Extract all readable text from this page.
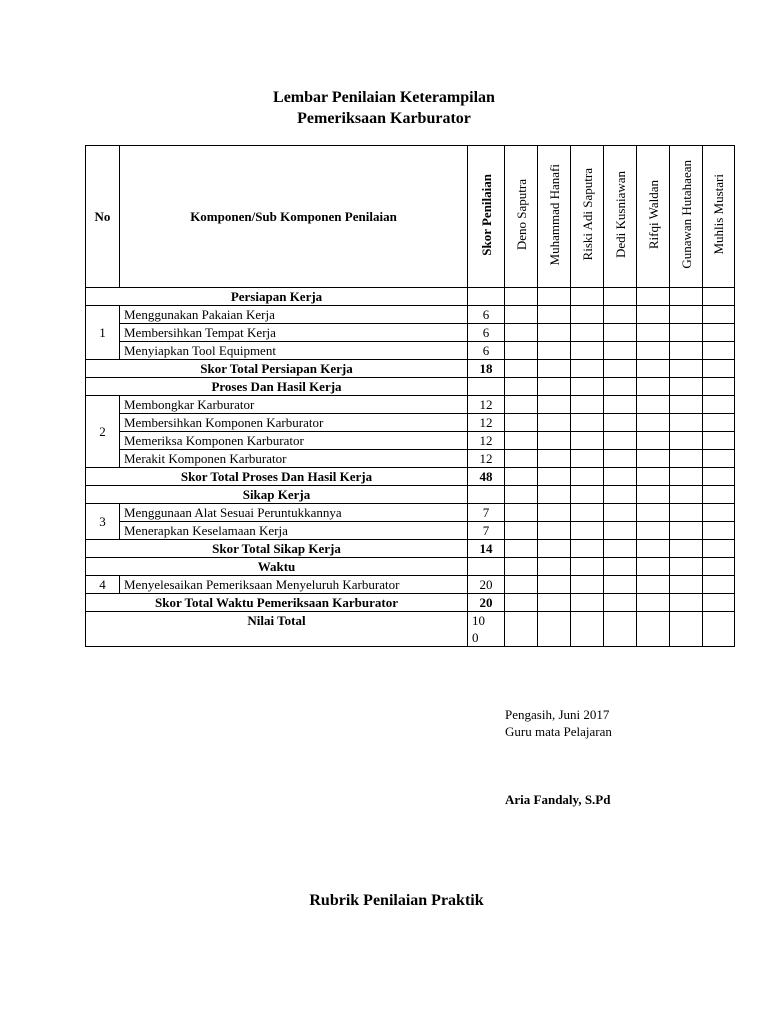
Lembar Penilaian Keterampilan
Pemeriksaan Karburator
No	Komponen/Sub Komponen Penilaian	Skor Penilaian	Deno Saputra	Muhammad Hanafi	Riski Adi Saputra	Dedi Kusniawan	Rifqi Waldan	Gunawan Hutahaean	Muhlis Mustari
Persiapan Kerja									
1	Menggunakan Pakaian Kerja	6							
	Membersihkan Tempat Kerja	6							
	Menyiapkan Tool Equipment	6							
Skor Total Persiapan Kerja		18							
Proses Dan Hasil Kerja									
2	Membongkar Karburator	12							
	Membersihkan Komponen Karburator	12							
	Memeriksa Komponen Karburator	12							
	Merakit Komponen Karburator	12							
Skor Total Proses Dan Hasil Kerja		48							
Sikap Kerja									
3	Menggunaan Alat Sesuai Peruntukkannya	7							
	Menerapkan Keselamaan Kerja	7							
Skor Total Sikap Kerja		14							
Waktu									
4	Menyelesaikan Pemeriksaan Menyeluruh Karburator	20							
Skor Total Waktu Pemeriksaan Karburator		20							
Nilai Total		10
0							

Pengasih, Juni 2017
Guru mata Pelajaran
Aria Fandaly, S.Pd
Rubrik Penilaian Praktik
